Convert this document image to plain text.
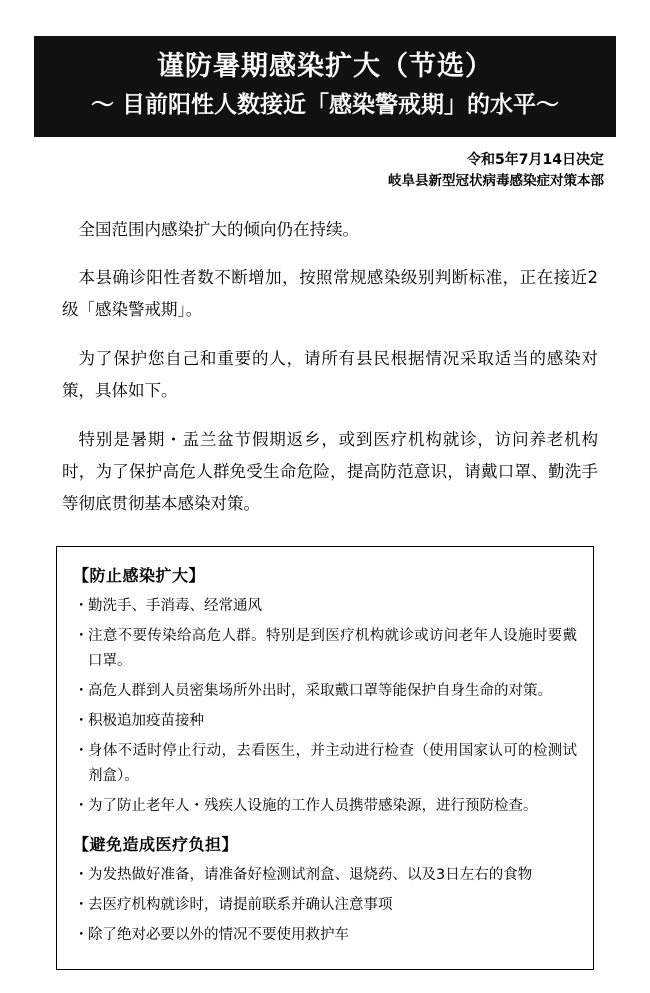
谨防暑期感染扩大（节选）
〜 目前阳性人数接近「感染警戒期」的水平〜
令和5年7月14日决定
岐阜县新型冠状病毒感染症对策本部

全国范围内感染扩大的倾向仍在持续。

本县确诊阳性者数不断增加，按照常规感染级别判断标准，正在接近2级「感染警戒期」。

为了保护您自己和重要的人，请所有县民根据情况采取适当的感染对策，具体如下。

特别是暑期・盂兰盆节假期返乡，或到医疗机构就诊，访问养老机构时，为了保护高危人群免受生命危险，提高防范意识，请戴口罩、勤洗手等彻底贯彻基本感染对策。

【防止感染扩大】
・ 勤洗手、手消毒、经常通风
・ 注意不要传染给高危人群。特别是到医疗机构就诊或访问老年人设施时要戴口罩。
・ 高危人群到人员密集场所外出时，采取戴口罩等能保护自身生命的对策。
・ 积极追加疫苗接种
・ 身体不适时停止行动，去看医生，并主动进行检查（使用国家认可的检测试剂盒）。
・ 为了防止老年人・残疾人设施的工作人员携带感染源，进行预防检查。
【避免造成医疗负担】
・ 为发热做好准备，请准备好检测试剂盒、退烧药、以及3日左右的食物
・ 去医疗机构就诊时，请提前联系并确认注意事项
・ 除了绝对必要以外的情况不要使用救护车
